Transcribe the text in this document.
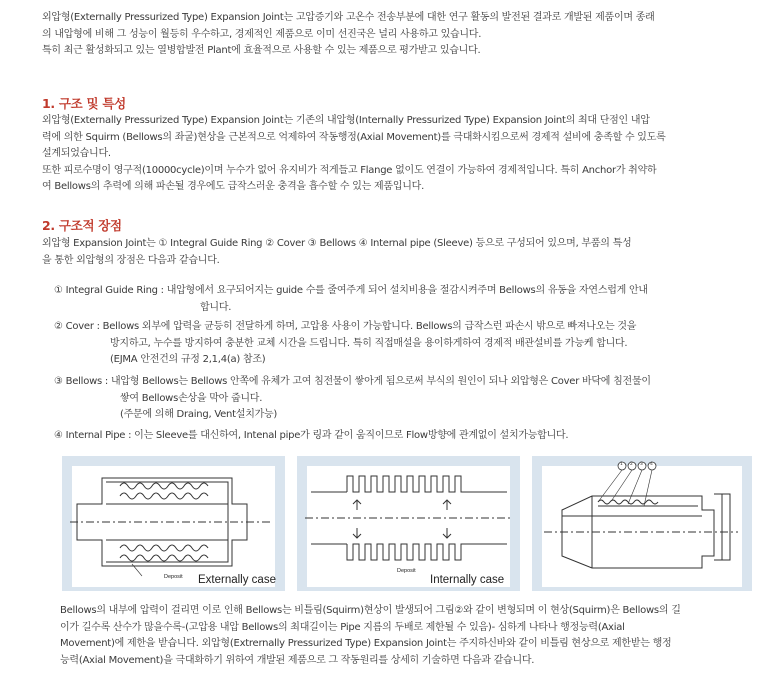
외압형(Externally Pressurized Type) Expansion Joint는 고압증기와 고온수 전송부분에 대한 연구 활동의 발전된 결과로 개발된 제품이며 종래
의 내압형에 비해 그 성능이 월등히 우수하고, 경제적인 제품으로 이미 선진국은 널리 사용하고 있습니다.
특히 최근 활성화되고 있는 열병합발전 Plant에 효율적으로 사용할 수 있는 제품으로 평가받고 있습니다.
1. 구조 및 특성
외압형(Externally Pressurized Type) Expansion Joint는 기존의 내압형(Internally Pressurized Type) Expansion Joint의 최대 단점인 내압
력에 의한 Squirm (Bellows의 좌굴)현상을 근본적으로 억제하여 작동행정(Axial Movement)를 극대화시킴으로써 경제적 설비에 충족할 수 있도록
설계되었습니다.
또한 피로수명이 영구적(10000cycle)이며 누수가 없어 유지비가 적게들고 Flange 없이도 연결이 가능하여 경제적입니다. 특히 Anchor가 취약하
여 Bellows의 추력에 의해 파손될 경우에도 급작스러운 충격을 흡수할 수 있는 제품입니다.
2. 구조적 장점
외압형 Expansion Joint는 ① Integral Guide Ring ② Cover ③ Bellows ④ Internal pipe (Sleeve) 등으로 구성되어 있으며, 부품의 특성
을 통한 외압형의 장점은 다음과 같습니다.
① Integral Guide Ring : 내압형에서 요구되어지는 guide 수를 줄여주게 되어 설치비용을 절감시켜주며 Bellows의 유동을 자연스럽게 안내
합니다.
② Cover : Bellows 외부에 압력을 균등히 전달하게 하며, 고압용 사용이 가능합니다. Bellows의 급작스런 파손시 밖으로 빠져나오는 것을
방지하고, 누수를 방지하여 충분한 교체 시간을 드립니다. 특히 직접매설을 용이하게하여 경제적 배관설비를 가능케 합니다.
(EJMA 안전건의 규정 2,1,4(a) 참조)
③ Bellows : 내압형 Bellows는 Bellows 안쪽에 유체가 고여 침전물이 쌓아게 됨으로써 부식의 원인이 되나 외압형은 Cover 바닥에 침전물이
쌓여 Bellows손상을 막아 줍니다.
(주문에 의해 Draing, Vent설치가능)
④ Internal Pipe : 이는 Sleeve를 대신하여, Intenal pipe가 링과 같이 움직이므로 Flow방향에 관계없이 설치가능합니다.
Deposit Externally case
Deposit
Internally case
1 2 3 4
Bellows의 내부에 압력이 걸리면 이로 인해 Bellows는 비틀림(Squirm)현상이 발생되어 그림②와 같이 변형되며 이 현상(Squirm)은 Bellows의 길
이가 길수록 산수가 많을수록-(고압용 내압 Bellows의 최대길이는 Pipe 지름의 두배로 제한될 수 있음)- 심하게 나타나 행정능력(Axial
Movement)에 제한을 받습니다. 외압형(Extrernally Pressurized Type) Expansion Joint는 주지하신바와 같이 비틀림 현상으로 제한받는 행정
능력(Axial Movement)을 극대화하기 위하여 개발된 제품으로 그 작동원리를 상세히 기술하면 다음과 같습니다.
